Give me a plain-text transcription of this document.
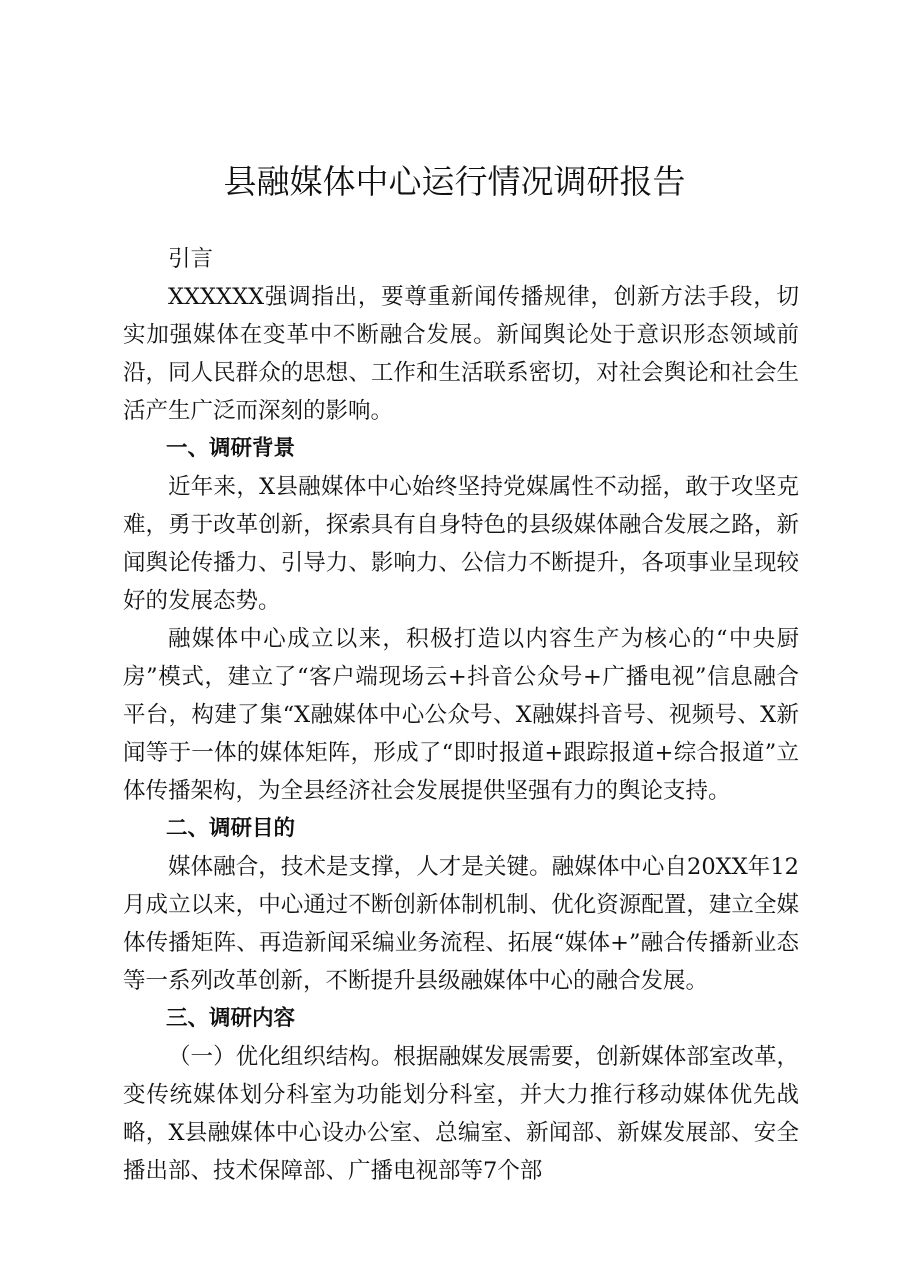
县融媒体中心运行情况调研报告

引言

XXXXXX强调指出，要尊重新闻传播规律，创新方法手段，切实加强媒体在变革中不断融合发展。新闻舆论处于意识形态领域前沿，同人民群众的思想、工作和生活联系密切，对社会舆论和社会生活产生广泛而深刻的影响。

一、调研背景

近年来，X县融媒体中心始终坚持党媒属性不动摇，敢于攻坚克难，勇于改革创新，探索具有自身特色的县级媒体融合发展之路，新闻舆论传播力、引导力、影响力、公信力不断提升，各项事业呈现较好的发展态势。

融媒体中心成立以来，积极打造以内容生产为核心的“中央厨房”模式，建立了“客户端现场云+抖音公众号+广播电视”信息融合平台，构建了集“X融媒体中心公众号、X融媒抖音号、视频号、X新闻等于一体的媒体矩阵，形成了“即时报道+跟踪报道+综合报道”立体传播架构，为全县经济社会发展提供坚强有力的舆论支持。

二、调研目的

媒体融合，技术是支撑，人才是关键。融媒体中心自20XX年12月成立以来，中心通过不断创新体制机制、优化资源配置，建立全媒体传播矩阵、再造新闻采编业务流程、拓展“媒体+”融合传播新业态等一系列改革创新，不断提升县级融媒体中心的融合发展。

三、调研内容

（一）优化组织结构。根据融媒发展需要，创新媒体部室改革，变传统媒体划分科室为功能划分科室，并大力推行移动媒体优先战略，X县融媒体中心设办公室、总编室、新闻部、新媒发展部、安全播出部、技术保障部、广播电视部等7个部
